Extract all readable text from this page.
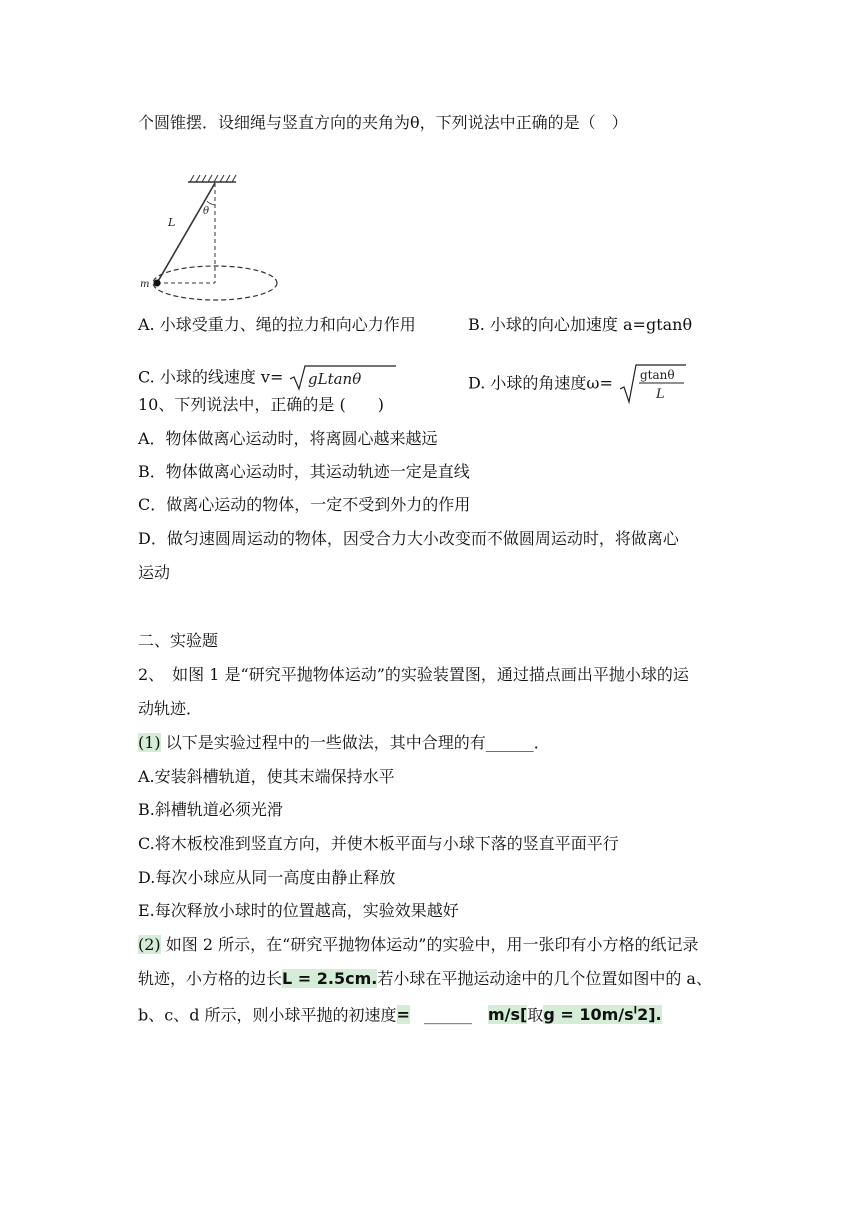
个圆锥摆．设细绳与竖直方向的夹角为θ，下列说法中正确的是（　）
L
θ
m
A. 小球受重力、绳的拉力和向心力作用	B. 小球的向心加速度 a=gtanθ
C. 小球的线速度 v= gLtanθ	D. 小球的角速度ω= gtanθ
L
10、下列说法中，正确的是 (　　)
A．物体做离心运动时，将离圆心越来越远
B．物体做离心运动时，其运动轨迹一定是直线
C．做离心运动的物体，一定不受到外力的作用
D．做匀速圆周运动的物体，因受合力大小改变而不做圆周运动时，将做离心
运动
二、实验题
2、　如图 1 是“研究平抛物体运动”的实验装置图，通过描点画出平抛小球的运
动轨迹．
(1) 以下是实验过程中的一些做法，其中合理的有______．
A.安装斜槽轨道，使其末端保持水平
B.斜槽轨道必须光滑
C.将木板校准到竖直方向，并使木板平面与小球下落的竖直平面平行
D.每次小球应从同一高度由静止释放
E.每次释放小球时的位置越高，实验效果越好
(2) 如图 2 所示，在“研究平抛物体运动”的实验中，用一张印有小方格的纸记录
轨迹，小方格的边长L = 2.5cm.若小球在平抛运动途中的几个位置如图中的 a、
b、c、d 所示，则小球平抛的初速度= ______ m/s[取$g = 10m/s^l2$].
